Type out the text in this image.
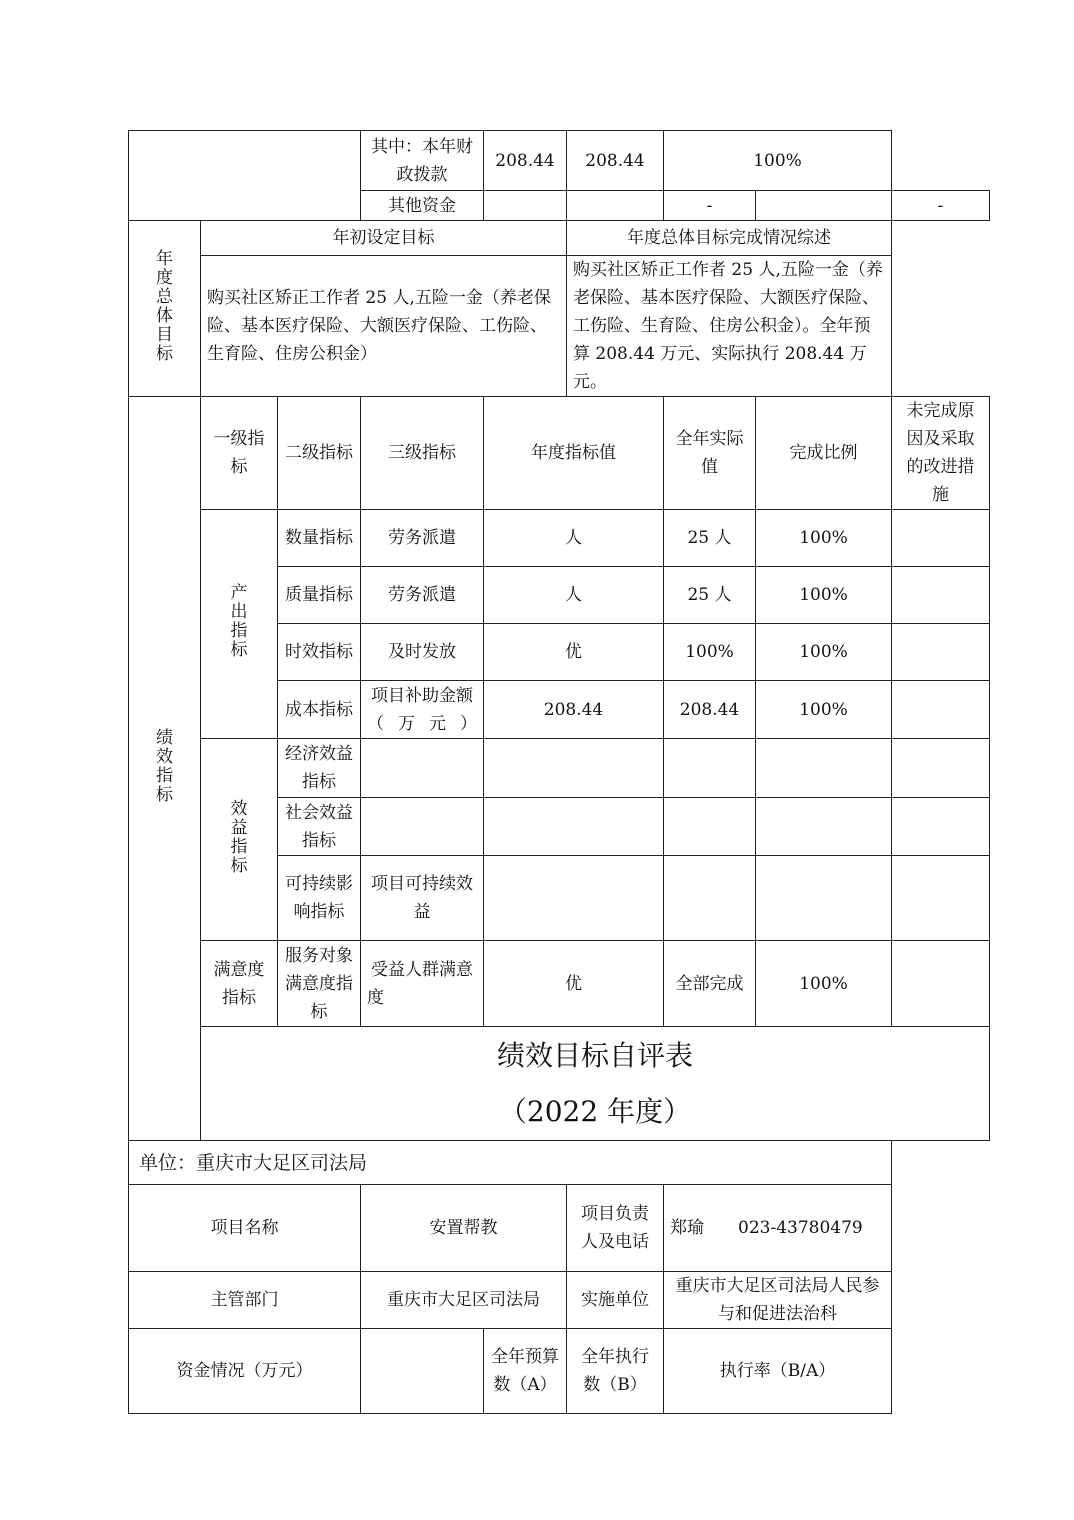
			其中：本年财政拨款	208.44	208.44	100%		
			其他资金			-		-
年度总体目标	年初设定目标				年度总体目标完成情况综述			
	购买社区矫正工作者 25 人,五险一金（养老保险、基本医疗保险、大额医疗保险、工伤险、生育险、住房公积金）				购买社区矫正工作者 25 人,五险一金（养老保险、基本医疗保险、大额医疗保险、工伤险、生育险、住房公积金）。全年预算 208.44 万元、实际执行 208.44 万元。			
绩效指标	一级指标	二级指标	三级指标	年度指标值		全年实际值	完成比例	未完成原因及采取的改进措施
	产出指标	数量指标	劳务派遣	人		25 人	100%	
		质量指标	劳务派遣	人		25 人	100%	
		时效指标	及时发放	优		100%	100%	
		成本指标	项目补助金额（万元）	208.44		208.44	100%	
	效益指标	经济效益指标						
		社会效益指标						
		可持续影响指标	项目可持续效益					
	满意度指标	服务对象满意度指标	受益人群满意度	优		全部完成	100%	

	绩效目标自评表
（2022 年度）							

单位：重庆市大足区司法局								
项目名称			安置帮教		项目负责人及电话	郑瑜　　023-43780479		
主管部门			重庆市大足区司法局		实施单位	重庆市大足区司法局人民参与和促进法治科		
资金情况（万元）				全年预算数（A）	全年执行数（B）	执行率（B/A）		
